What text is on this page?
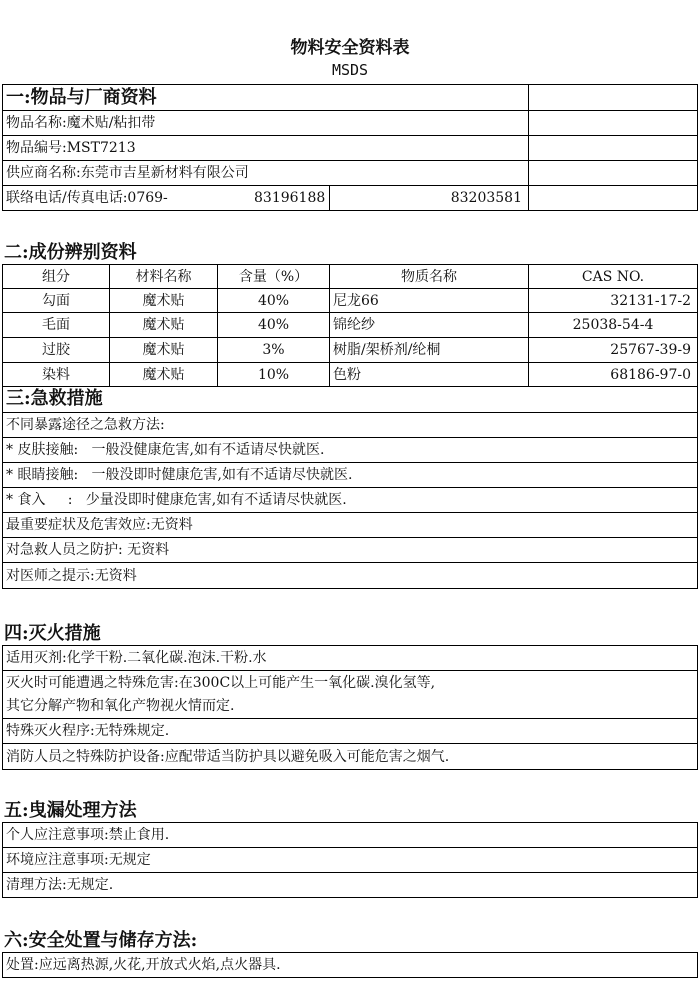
物料安全资料表
MSDS
一:物品与厂商资料
物品名称:魔术贴/粘扣带
物品编号:MST7213
供应商名称:东莞市吉星新材料有限公司
联络电话/传真电话:0769-	83196188	83203581
二:成份辨别资料
组分	材料名称	含量（%）	物质名称	CAS NO.
勾面	魔术贴	40%	尼龙66	32131-17-2
毛面	魔术贴	40%	锦纶纱	25038-54-4
过胶	魔术贴	3%	树脂/架桥剂/纶桐	25767-39-9
染料	魔术贴	10%	色粉	68186-97-0
三:急救措施
不同暴露途径之急救方法:
* 皮肤接触:   一般没健康危害,如有不适请尽快就医.
* 眼睛接触:   一般没即时健康危害,如有不适请尽快就医.
* 食入     :   少量没即时健康危害,如有不适请尽快就医.
最重要症状及危害效应:无资料
对急救人员之防护: 无资料
对医师之提示:无资料
四:灭火措施
适用灭剂:化学干粉.二氧化碳.泡沫.干粉.水
灭火时可能遭遇之特殊危害:在300C以上可能产生一氧化碳.溴化氢等,
其它分解产物和氧化产物视火情而定.
特殊灭火程序:无特殊规定.
消防人员之特殊防护设备:应配带适当防护具以避免吸入可能危害之烟气.
五:曳漏处理方法
个人应注意事项:禁止食用.
环境应注意事项:无规定
清理方法:无规定.
六:安全处置与储存方法:
处置:应远离热源,火花,开放式火焰,点火器具.
